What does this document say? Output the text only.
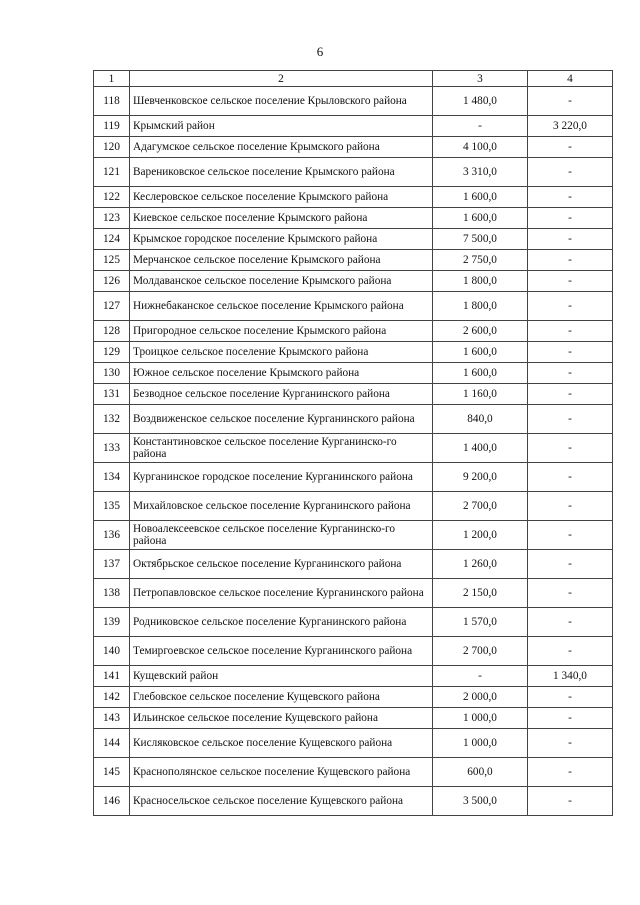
6
1	2	3	4
118	Шевченковское сельское поселение Крыловского района	1 480,0	-
119	Крымский район	-	3 220,0
120	Адагумское сельское поселение Крымского района	4 100,0	-
121	Варениковское сельское поселение Крымского района	3 310,0	-
122	Кеслеровское сельское поселение Крымского района	1 600,0	-
123	Киевское сельское поселение Крымского района	1 600,0	-
124	Крымское городское поселение Крымского района	7 500,0	-
125	Мерчанское сельское поселение Крымского района	2 750,0	-
126	Молдаванское сельское поселение Крымского района	1 800,0	-
127	Нижнебаканское сельское поселение Крымского района	1 800,0	-
128	Пригородное сельское поселение Крымского района	2 600,0	-
129	Троицкое сельское поселение Крымского района	1 600,0	-
130	Южное сельское поселение Крымского района	1 600,0	-
131	Безводное сельское поселение Курганинского района	1 160,0	-
132	Воздвиженское сельское поселение Курганинского района	840,0	-
133	Константиновское сельское поселение Курганинско-го района	1 400,0	-
134	Курганинское городское поселение Курганинского района	9 200,0	-
135	Михайловское сельское поселение Курганинского района	2 700,0	-
136	Новоалексеевское сельское поселение Курганинско-го района	1 200,0	-
137	Октябрьское сельское поселение Курганинского района	1 260,0	-
138	Петропавловское сельское поселение Курганинского района	2 150,0	-
139	Родниковское сельское поселение Курганинского района	1 570,0	-
140	Темиргоевское сельское поселение Курганинского района	2 700,0	-
141	Кущевский район	-	1 340,0
142	Глебовское сельское поселение Кущевского района	2 000,0	-
143	Ильинское сельское поселение Кущевского района	1 000,0	-
144	Кисляковское сельское поселение Кущевского района	1 000,0	-
145	Краснополянское сельское поселение Кущевского района	600,0	-
146	Красносельское сельское поселение Кущевского района	3 500,0	-
